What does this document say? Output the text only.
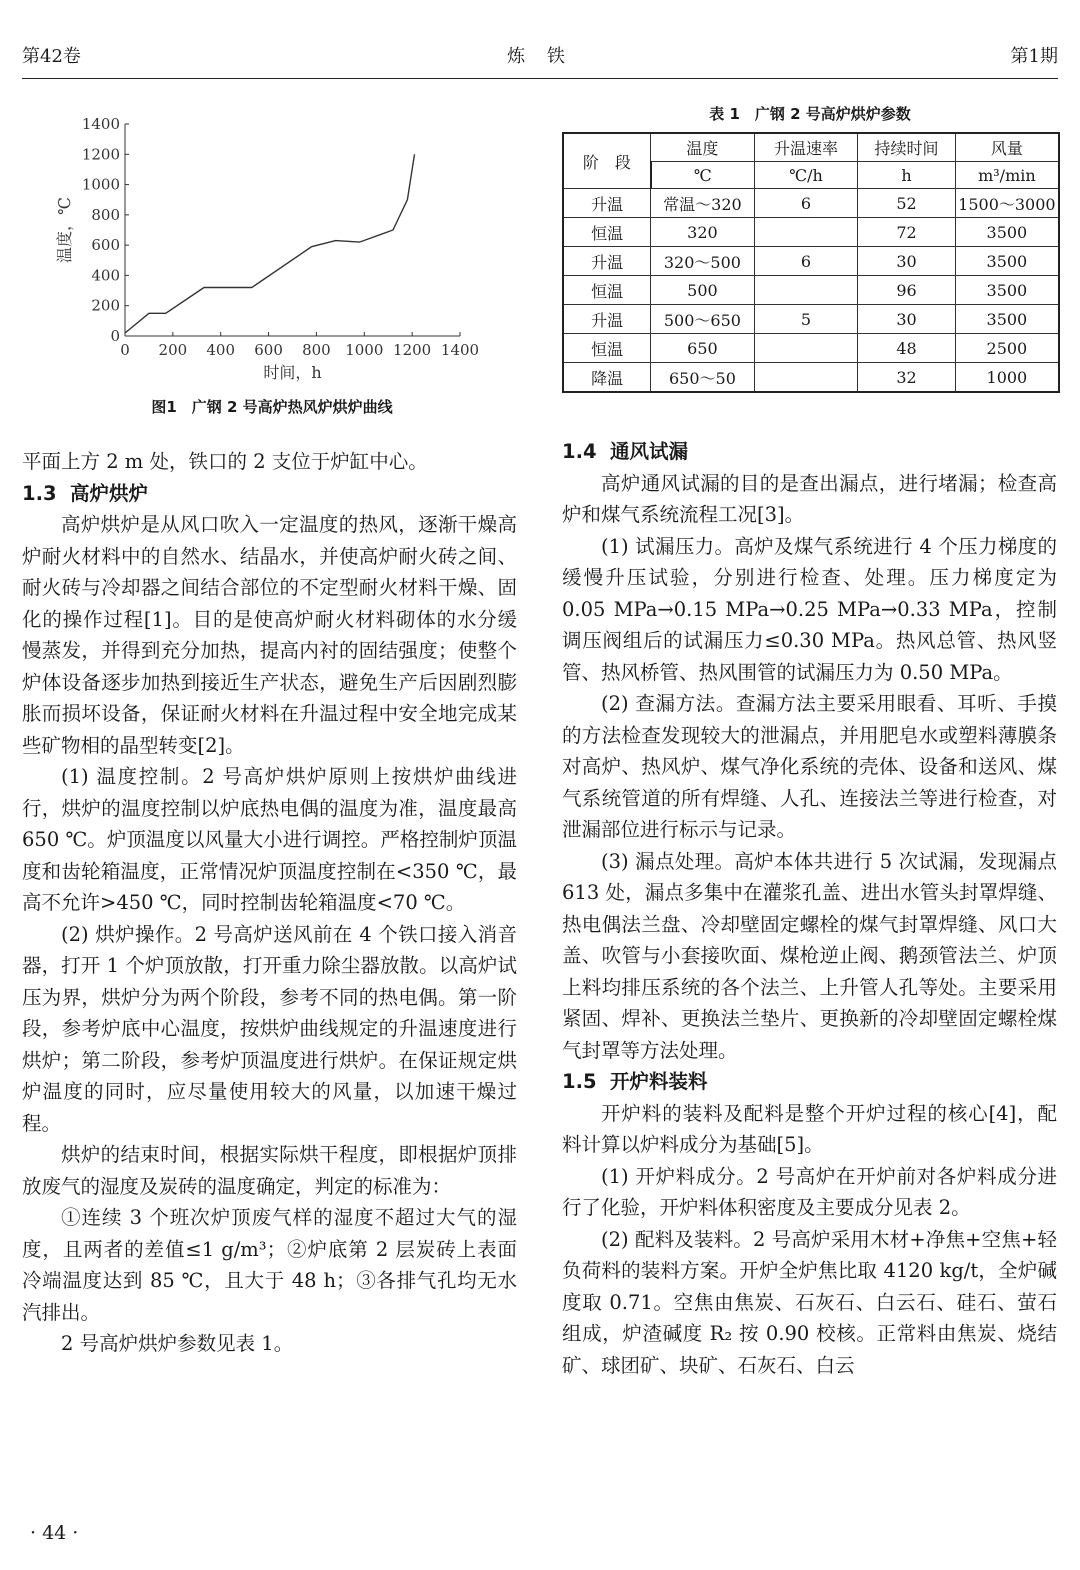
第42卷	炼 铁	第1期
0 200 400 600 800 1000 1200 1400
0
200
400
600
800
1000
1200
1400
时间，h
温度，℃
图1　广钢 2 号高炉热风炉烘炉曲线
表 1　广钢 2 号高炉烘炉参数
阶　段	温度	升温速率	持续时间	风量
	℃	℃/h	h	m³/min
升温	常温～320	6	52	1500～3000
恒温	320		72	3500
升温	320～500	6	30	3500
恒温	500		96	3500
升温	500～650	5	30	3500
恒温	650		48	2500
降温	650～50		32	1000

平面上方 2 m 处，铁口的 2 支位于炉缸中心。

1.3 高炉烘炉

高炉烘炉是从风口吹入一定温度的热风，逐渐干燥高炉耐火材料中的自然水、结晶水，并使高炉耐火砖之间、耐火砖与冷却器之间结合部位的不定型耐火材料干燥、固化的操作过程[1]。目的是使高炉耐火材料砌体的水分缓慢蒸发，并得到充分加热，提高内衬的固结强度；使整个炉体设备逐步加热到接近生产状态，避免生产后因剧烈膨胀而损坏设备，保证耐火材料在升温过程中安全地完成某些矿物相的晶型转变[2]。

(1) 温度控制。2 号高炉烘炉原则上按烘炉曲线进行，烘炉的温度控制以炉底热电偶的温度为准，温度最高 650 ℃。炉顶温度以风量大小进行调控。严格控制炉顶温度和齿轮箱温度，正常情况炉顶温度控制在<350 ℃，最高不允许>450 ℃，同时控制齿轮箱温度<70 ℃。

(2) 烘炉操作。2 号高炉送风前在 4 个铁口接入消音器，打开 1 个炉顶放散，打开重力除尘器放散。以高炉试压为界，烘炉分为两个阶段，参考不同的热电偶。第一阶段，参考炉底中心温度，按烘炉曲线规定的升温速度进行烘炉；第二阶段，参考炉顶温度进行烘炉。在保证规定烘炉温度的同时，应尽量使用较大的风量，以加速干燥过程。

烘炉的结束时间，根据实际烘干程度，即根据炉顶排放废气的湿度及炭砖的温度确定，判定的标准为：

①连续 3 个班次炉顶废气样的湿度不超过大气的湿度，且两者的差值≤1 g/m³；②炉底第 2 层炭砖上表面冷端温度达到 85 ℃，且大于 48 h；③各排气孔均无水汽排出。

2 号高炉烘炉参数见表 1。

1.4 通风试漏

高炉通风试漏的目的是查出漏点，进行堵漏；检查高炉和煤气系统流程工况[3]。

(1) 试漏压力。高炉及煤气系统进行 4 个压力梯度的缓慢升压试验，分别进行检查、处理。压力梯度定为 0.05 MPa→0.15 MPa→0.25 MPa→0.33 MPa，控制调压阀组后的试漏压力≤0.30 MPa。热风总管、热风竖管、热风桥管、热风围管的试漏压力为 0.50 MPa。

(2) 查漏方法。查漏方法主要采用眼看、耳听、手摸的方法检查发现较大的泄漏点，并用肥皂水或塑料薄膜条对高炉、热风炉、煤气净化系统的壳体、设备和送风、煤气系统管道的所有焊缝、人孔、连接法兰等进行检查，对泄漏部位进行标示与记录。

(3) 漏点处理。高炉本体共进行 5 次试漏，发现漏点 613 处，漏点多集中在灌浆孔盖、进出水管头封罩焊缝、热电偶法兰盘、冷却壁固定螺栓的煤气封罩焊缝、风口大盖、吹管与小套接吹面、煤枪逆止阀、鹅颈管法兰、炉顶上料均排压系统的各个法兰、上升管人孔等处。主要采用紧固、焊补、更换法兰垫片、更换新的冷却壁固定螺栓煤气封罩等方法处理。

1.5 开炉料装料

开炉料的装料及配料是整个开炉过程的核心[4]，配料计算以炉料成分为基础[5]。

(1) 开炉料成分。2 号高炉在开炉前对各炉料成分进行了化验，开炉料体积密度及主要成分见表 2。

(2) 配料及装料。2 号高炉采用木材+净焦+空焦+轻负荷料的装料方案。开炉全炉焦比取 4120 kg/t，全炉碱度取 0.71。空焦由焦炭、石灰石、白云石、硅石、萤石组成，炉渣碱度 R₂ 按 0.90 校核。正常料由焦炭、烧结矿、球团矿、块矿、石灰石、白云

· 44 ·
